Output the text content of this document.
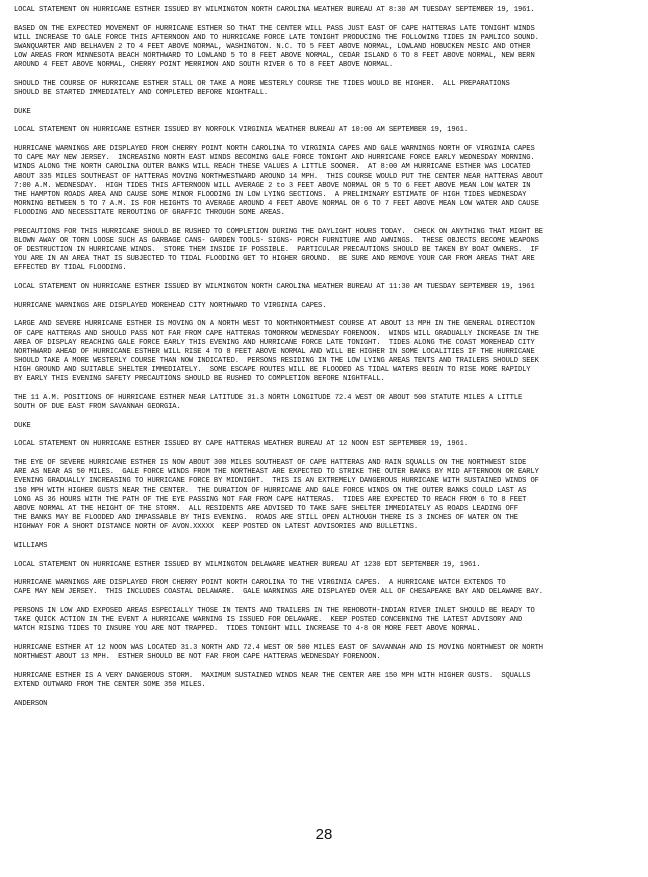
LOCAL STATEMENT ON HURRICANE ESTHER ISSUED BY WILMINGTON NORTH CAROLINA WEATHER BUREAU AT 8:30 AM TUESDAY SEPTEMBER 19, 1961.
BASED ON THE EXPECTED MOVEMENT OF HURRICANE ESTHER SO THAT THE CENTER WILL PASS JUST EAST OF CAPE HATTERAS LATE TONIGHT WINDS
WILL INCREASE TO GALE FORCE THIS AFTERNOON AND TO HURRICANE FORCE LATE TONIGHT PRODUCING THE FOLLOWING TIDES IN PAMLICO SOUND.
SWANQUARTER AND BELHAVEN 2 TO 4 FEET ABOVE NORMAL, WASHINGTON. N.C. TO 5 FEET ABOVE NORMAL, LOWLAND HOBUCKEN MESIC AND OTHER
LOW AREAS FROM MINNESOTA BEACH NORTHWARD TO LOWLAND 5 TO 8 FEET ABOVE NORMAL, CEDAR ISLAND 6 TO 8 FEET ABOVE NORMAL, NEW BERN
AROUND 4 FEET ABOVE NORMAL, CHERRY POINT MERRIMON AND SOUTH RIVER 6 TO 8 FEET ABOVE NORMAL.
SHOULD THE COURSE OF HURRICANE ESTHER STALL OR TAKE A MORE WESTERLY COURSE THE TIDES WOULD BE HIGHER.  ALL PREPARATIONS
SHOULD BE STARTED IMMEDIATELY AND COMPLETED BEFORE NIGHTFALL.
DUKE
LOCAL STATEMENT ON HURRICANE ESTHER ISSUED BY NORFOLK VIRGINIA WEATHER BUREAU AT 10:00 AM SEPTEMBER 19, 1961.
HURRICANE WARNINGS ARE DISPLAYED FROM CHERRY POINT NORTH CAROLINA TO VIRGINIA CAPES AND GALE WARNINGS NORTH OF VIRGINIA CAPES
TO CAPE MAY NEW JERSEY.  INCREASING NORTH EAST WINDS BECOMING GALE FORCE TONIGHT AND HURRICANE FORCE EARLY WEDNESDAY MORNING.
WINDS ALONG THE NORTH CAROLINA OUTER BANKS WILL REACH THESE VALUES A LITTLE SOONER.  AT 8:00 AM HURRICANE ESTHER WAS LOCATED
ABOUT 335 MILES SOUTHEAST OF HATTERAS MOVING NORTHWESTWARD AROUND 14 MPH.  THIS COURSE WOULD PUT THE CENTER NEAR HATTERAS ABOUT
7:00 A.M. WEDNESDAY.  HIGH TIDES THIS AFTERNOON WILL AVERAGE 2 to 3 FEET ABOVE NORMAL OR 5 TO 6 FEET ABOVE MEAN LOW WATER IN
THE HAMPTON ROADS AREA AND CAUSE SOME MINOR FLOODING IN LOW LYING SECTIONS.  A PRELIMINARY ESTIMATE OF HIGH TIDES WEDNESDAY
MORNING BETWEEN 5 TO 7 A.M. IS FOR HEIGHTS TO AVERAGE AROUND 4 FEET ABOVE NORMAL OR 6 TO 7 FEET ABOVE MEAN LOW WATER AND CAUSE
FLOODING AND NECESSITATE REROUTING OF GRAFFIC THROUGH SOME AREAS.
PRECAUTIONS FOR THIS HURRICANE SHOULD BE RUSHED TO COMPLETION DURING THE DAYLIGHT HOURS TODAY.  CHECK ON ANYTHING THAT MIGHT BE
BLOWN AWAY OR TORN LOOSE SUCH AS GARBAGE CANS- GARDEN TOOLS- SIGNS- PORCH FURNITURE AND AWNINGS.  THESE OBJECTS BECOME WEAPONS
OF DESTRUCTION IN HURRICANE WINDS.  STORE THEM INSIDE IF POSSIBLE.  PARTICULAR PRECAUTIONS SHOULD BE TAKEN BY BOAT OWNERS.  IF
YOU ARE IN AN AREA THAT IS SUBJECTED TO TIDAL FLOODING GET TO HIGHER GROUND.  BE SURE AND REMOVE YOUR CAR FROM AREAS THAT ARE
EFFECTED BY TIDAL FLOODING.
LOCAL STATEMENT ON HURRICANE ESTHER ISSUED BY WILMINGTON NORTH CAROLINA WEATHER BUREAU AT 11:30 AM TUESDAY SEPTEMBER 19, 1961
HURRICANE WARNINGS ARE DISPLAYED MOREHEAD CITY NORTHWARD TO VIRGINIA CAPES.
LARGE AND SEVERE HURRICANE ESTHER IS MOVING ON A NORTH WEST TO NORTHNORTHWEST COURSE AT ABOUT 13 MPH IN THE GENERAL DIRECTION
OF CAPE HATTERAS AND SHOULD PASS NOT FAR FROM CAPE HATTERAS TOMORROW WEDNESDAY FORENOON.  WINDS WILL GRADUALLY INCREASE IN THE
AREA OF DISPLAY REACHING GALE FORCE EARLY THIS EVENING AND HURRICANE FORCE LATE TONIGHT.  TIDES ALONG THE COAST MOREHEAD CITY
NORTHWARD AHEAD OF HURRICANE ESTHER WILL RISE 4 TO 8 FEET ABOVE NORMAL AND WILL BE HIGHER IN SOME LOCALITIES IF THE HURRICANE
SHOULD TAKE A MORE WESTERLY COURSE THAN NOW INDICATED.  PERSONS RESIDING IN THE LOW LYING AREAS TENTS AND TRAILERS SHOULD SEEK
HIGH GROUND AND SUITABLE SHELTER IMMEDIATELY.  SOME ESCAPE ROUTES WILL BE FLOODED AS TIDAL WATERS BEGIN TO RISE MORE RAPIDLY
BY EARLY THIS EVENING SAFETY PRECAUTIONS SHOULD BE RUSHED TO COMPLETION BEFORE NIGHTFALL.
THE 11 A.M. POSITIONS OF HURRICANE ESTHER NEAR LATITUDE 31.3 NORTH LONGITUDE 72.4 WEST OR ABOUT 500 STATUTE MILES A LITTLE
SOUTH OF DUE EAST FROM SAVANNAH GEORGIA.
DUKE
LOCAL STATEMENT ON HURRICANE ESTHER ISSUED BY CAPE HATTERAS WEATHER BUREAU AT 12 NOON EST SEPTEMBER 19, 1961.
THE EYE OF SEVERE HURRICANE ESTHER IS NOW ABOUT 300 MILES SOUTHEAST OF CAPE HATTERAS AND RAIN SQUALLS ON THE NORTHWEST SIDE
ARE AS NEAR AS 50 MILES.  GALE FORCE WINDS FROM THE NORTHEAST ARE EXPECTED TO STRIKE THE OUTER BANKS BY MID AFTERNOON OR EARLY
EVENING GRADUALLY INCREASING TO HURRICANE FORCE BY MIDNIGHT.  THIS IS AN EXTREMELY DANGEROUS HURRICANE WITH SUSTAINED WINDS OF
150 MPH WITH HIGHER GUSTS NEAR THE CENTER.  THE DURATION OF HURRICANE AND GALE FORCE WINDS ON THE OUTER BANKS COULD LAST AS
LONG AS 36 HOURS WITH THE PATH OF THE EYE PASSING NOT FAR FROM CAPE HATTERAS.  TIDES ARE EXPECTED TO REACH FROM 6 TO 8 FEET
ABOVE NORMAL AT THE HEIGHT OF THE STORM.  ALL RESIDENTS ARE ADVISED TO TAKE SAFE SHELTER IMMEDIATELY AS ROADS LEADING OFF
THE BANKS MAY BE FLOODED AND IMPASSABLE BY THIS EVENING.  ROADS ARE STILL OPEN ALTHOUGH THERE IS 3 INCHES OF WATER ON THE
HIGHWAY FOR A SHORT DISTANCE NORTH OF AVON.XXXXX  KEEP POSTED ON LATEST ADVISORIES AND BULLETINS.
WILLIAMS
LOCAL STATEMENT ON HURRICANE ESTHER ISSUED BY WILMINGTON DELAWARE WEATHER BUREAU AT 1230 EDT SEPTEMBER 19, 1961.
HURRICANE WARNINGS ARE DISPLAYED FROM CHERRY POINT NORTH CAROLINA TO THE VIRGINIA CAPES.  A HURRICANE WATCH EXTENDS TO
CAPE MAY NEW JERSEY.  THIS INCLUDES COASTAL DELAWARE.  GALE WARNINGS ARE DISPLAYED OVER ALL OF CHESAPEAKE BAY AND DELAWARE BAY.
PERSONS IN LOW AND EXPOSED AREAS ESPECIALLY THOSE IN TENTS AND TRAILERS IN THE REHOBOTH-INDIAN RIVER INLET SHOULD BE READY TO
TAKE QUICK ACTION IN THE EVENT A HURRICANE WARNING IS ISSUED FOR DELAWARE.  KEEP POSTED CONCERNING THE LATEST ADVISORY AND
WATCH RISING TIDES TO INSURE YOU ARE NOT TRAPPED.  TIDES TONIGHT WILL INCREASE TO 4-8 OR MORE FEET ABOVE NORMAL.
HURRICANE ESTHER AT 12 NOON WAS LOCATED 31.3 NORTH AND 72.4 WEST OR 500 MILES EAST OF SAVANNAH AND IS MOVING NORTHWEST OR NORTH
NORTHWEST ABOUT 13 MPH.  ESTHER SHOULD BE NOT FAR FROM CAPE HATTERAS WEDNESDAY FORENOON.
HURRICANE ESTHER IS A VERY DANGEROUS STORM.  MAXIMUM SUSTAINED WINDS NEAR THE CENTER ARE 150 MPH WITH HIGHER GUSTS.  SQUALLS
EXTEND OUTWARD FROM THE CENTER SOME 350 MILES.
ANDERSON
28
